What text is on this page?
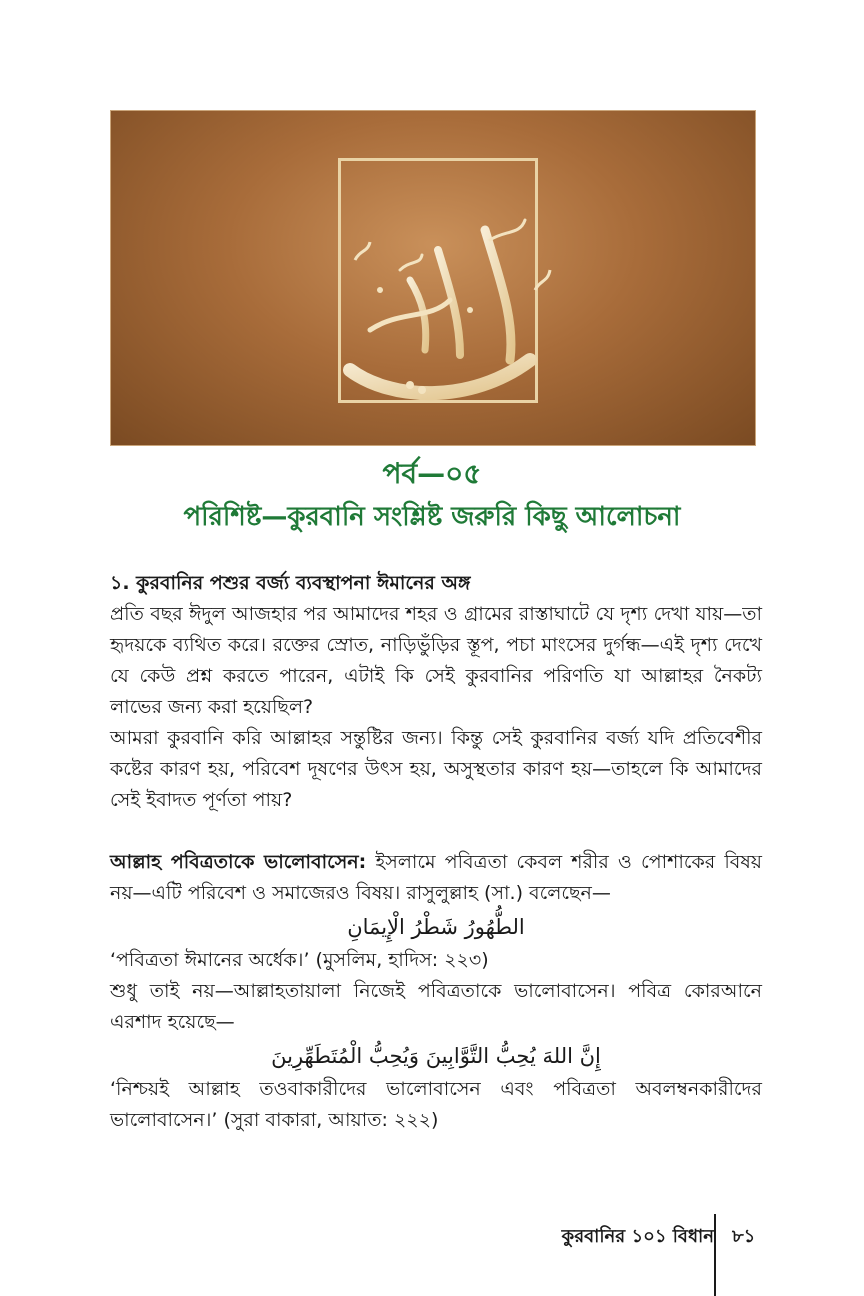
পর্ব—০৫
পরিশিষ্ট—কুরবানি সংশ্লিষ্ট জরুরি কিছু আলোচনা

১. কুরবানির পশুর বর্জ্য ব্যবস্থাপনা ঈমানের অঙ্গ

প্রতি বছর ঈদুল আজহার পর আমাদের শহর ও গ্রামের রাস্তাঘাটে যে দৃশ্য দেখা যায়—তা হৃদয়কে ব্যথিত করে। রক্তের স্রোত, নাড়িভুঁড়ির স্তূপ, পচা মাংসের দুর্গন্ধ—এই দৃশ্য দেখে যে কেউ প্রশ্ন করতে পারেন, এটাই কি সেই কুরবানির পরিণতি যা আল্লাহর নৈকট্য লাভের জন্য করা হয়েছিল?

আমরা কুরবানি করি আল্লাহর সন্তুষ্টির জন্য। কিন্তু সেই কুরবানির বর্জ্য যদি প্রতিবেশীর কষ্টের কারণ হয়, পরিবেশ দূষণের উৎস হয়, অসুস্থতার কারণ হয়—তাহলে কি আমাদের সেই ইবাদত পূর্ণতা পায়?

আল্লাহ পবিত্রতাকে ভালোবাসেন: ইসলামে পবিত্রতা কেবল শরীর ও পোশাকের বিষয় নয়—এটি পরিবেশ ও সমাজেরও বিষয়। রাসুলুল্লাহ (সা.) বলেছেন—

الطُّهُورُ شَطْرُ الْإِيمَانِ

‘পবিত্রতা ঈমানের অর্ধেক।’ (মুসলিম, হাদিস: ২২৩)

শুধু তাই নয়—আল্লাহতায়ালা নিজেই পবিত্রতাকে ভালোবাসেন। পবিত্র কোরআনে এরশাদ হয়েছে—

إِنَّ اللهَ يُحِبُّ التَّوَّابِينَ وَيُحِبُّ الْمُتَطَهِّرِينَ

‘নিশ্চয়ই আল্লাহ তওবাকারীদের ভালোবাসেন এবং পবিত্রতা অবলম্বনকারীদের ভালোবাসেন।’ (সুরা বাকারা, আয়াত: ২২২)

কুরবানির ১০১ বিধান ৮১
